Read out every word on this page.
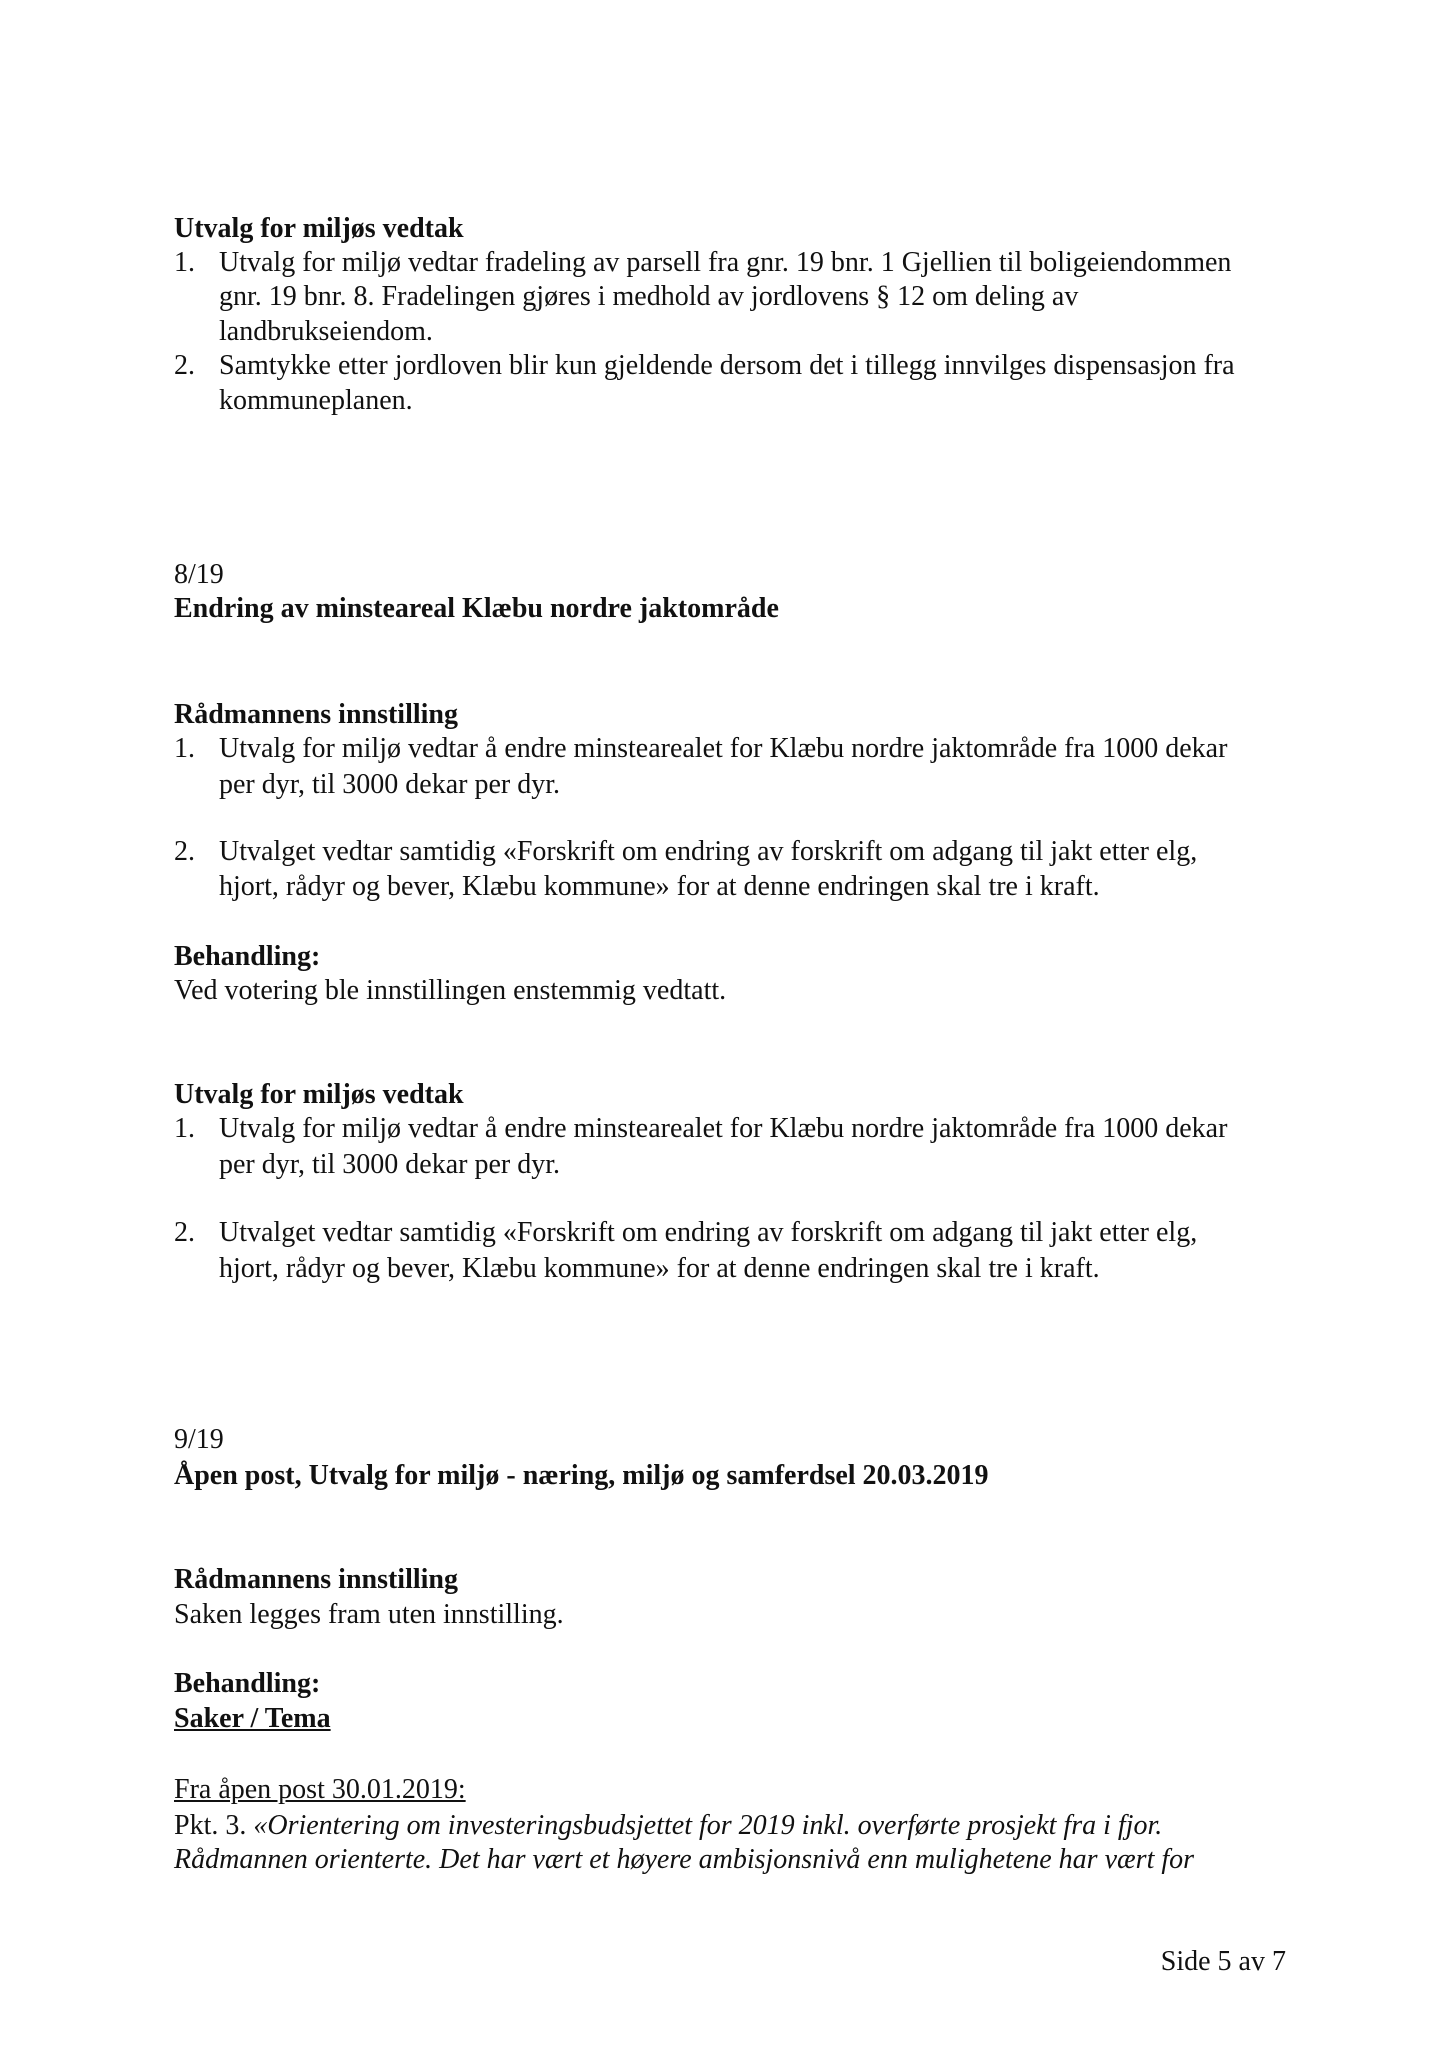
Utvalg for miljøs vedtak
1. Utvalg for miljø vedtar fradeling av parsell fra gnr. 19 bnr. 1 Gjellien til boligeiendommen
gnr. 19 bnr. 8. Fradelingen gjøres i medhold av jordlovens § 12 om deling av
landbrukseiendom.
2. Samtykke etter jordloven blir kun gjeldende dersom det i tillegg innvilges dispensasjon fra
kommuneplanen.
8/19
Endring av minsteareal Klæbu nordre jaktområde
Rådmannens innstilling
1. Utvalg for miljø vedtar å endre minstearealet for Klæbu nordre jaktområde fra 1000 dekar
per dyr, til 3000 dekar per dyr.
2. Utvalget vedtar samtidig «Forskrift om endring av forskrift om adgang til jakt etter elg,
hjort, rådyr og bever, Klæbu kommune» for at denne endringen skal tre i kraft.
Behandling:
Ved votering ble innstillingen enstemmig vedtatt.
Utvalg for miljøs vedtak
1. Utvalg for miljø vedtar å endre minstearealet for Klæbu nordre jaktområde fra 1000 dekar
per dyr, til 3000 dekar per dyr.
2. Utvalget vedtar samtidig «Forskrift om endring av forskrift om adgang til jakt etter elg,
hjort, rådyr og bever, Klæbu kommune» for at denne endringen skal tre i kraft.
9/19
Åpen post, Utvalg for miljø - næring, miljø og samferdsel 20.03.2019
Rådmannens innstilling
Saken legges fram uten innstilling.
Behandling:
Saker / Tema
Fra åpen post 30.01.2019:
Pkt. 3. «Orientering om investeringsbudsjettet for 2019 inkl. overførte prosjekt fra i fjor.
Rådmannen orienterte. Det har vært et høyere ambisjonsnivå enn mulighetene har vært for
Side 5 av 7
